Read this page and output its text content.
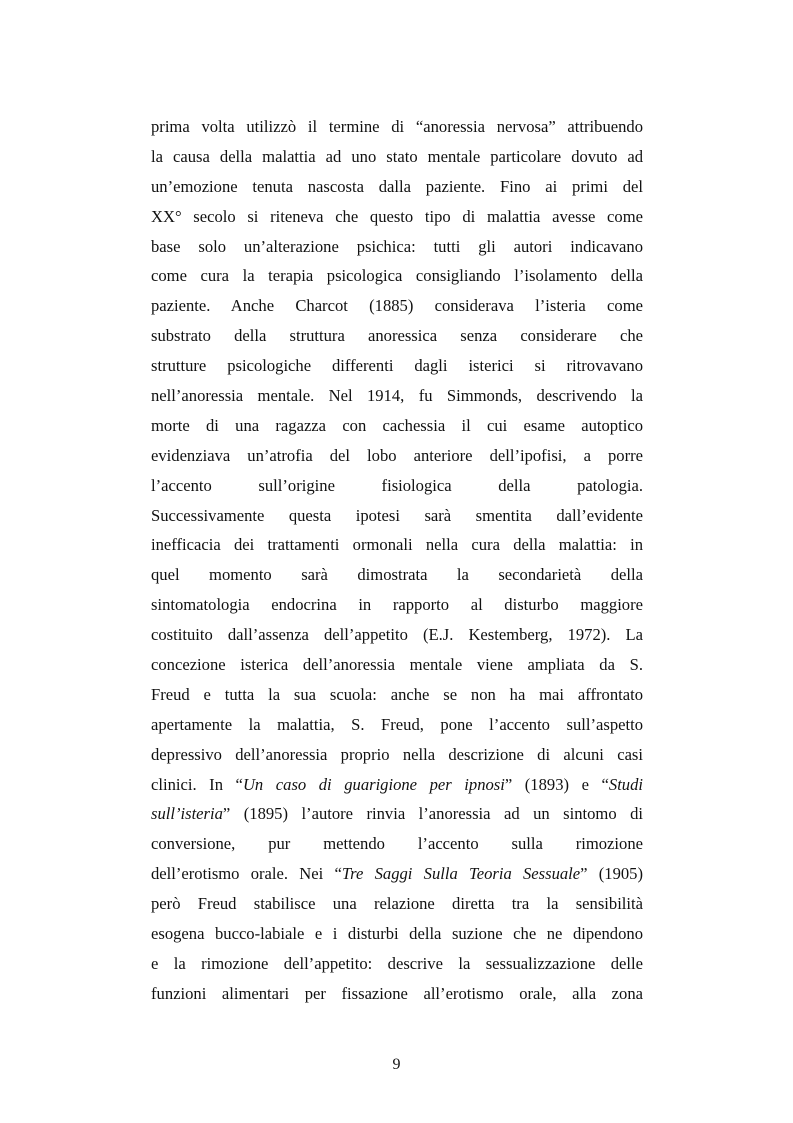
prima volta utilizzò il termine di “anoressia nervosa” attribuendo
la causa della malattia ad uno stato mentale particolare dovuto ad
un’emozione tenuta nascosta dalla paziente. Fino ai primi del
XX° secolo si riteneva che questo tipo di malattia avesse come
base solo un’alterazione psichica: tutti gli autori indicavano
come cura la terapia psicologica consigliando l’isolamento della
paziente. Anche Charcot (1885) considerava l’isteria come
substrato della struttura anoressica senza considerare che
strutture psicologiche differenti dagli isterici si ritrovavano
nell’anoressia mentale. Nel 1914, fu Simmonds, descrivendo la
morte di una ragazza con cachessia il cui esame autoptico
evidenziava un’atrofia del lobo anteriore dell’ipofisi, a porre
l’accento sull’origine fisiologica della patologia.
Successivamente questa ipotesi sarà smentita dall’evidente
inefficacia dei trattamenti ormonali nella cura della malattia: in
quel momento sarà dimostrata la secondarietà della
sintomatologia endocrina in rapporto al disturbo maggiore
costituito dall’assenza dell’appetito (E.J. Kestemberg, 1972). La
concezione isterica dell’anoressia mentale viene ampliata da S.
Freud e tutta la sua scuola: anche se non ha mai affrontato
apertamente la malattia, S. Freud, pone l’accento sull’aspetto
depressivo dell’anoressia proprio nella descrizione di alcuni casi
clinici. In “Un caso di guarigione per ipnosi” (1893) e “Studi
sull’isteria” (1895) l’autore rinvia l’anoressia ad un sintomo di
conversione, pur mettendo l’accento sulla rimozione
dell’erotismo orale. Nei “Tre Saggi Sulla Teoria Sessuale” (1905)
però Freud stabilisce una relazione diretta tra la sensibilità
esogena bucco-labiale e i disturbi della suzione che ne dipendono
e la rimozione dell’appetito: descrive la sessualizzazione delle
funzioni alimentari per fissazione all’erotismo orale, alla zona
9
